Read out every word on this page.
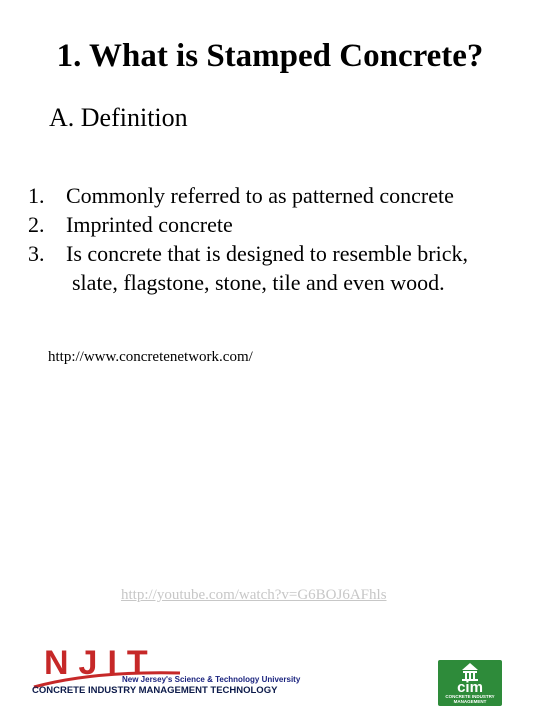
1. What is Stamped Concrete?
A. Definition
1. Commonly referred to as patterned concrete
2. Imprinted concrete
3. Is concrete that is designed to resemble brick,
slate, flagstone, stone, tile and even wood.
http://www.concretenetwork.com/
http://youtube.com/watch?v=G6BOJ6AFhls
NJIT
New Jersey's Science & Technology University
CONCRETE INDUSTRY MANAGEMENT TECHNOLOGY	cim
CONCRETE INDUSTRY MANAGEMENT
